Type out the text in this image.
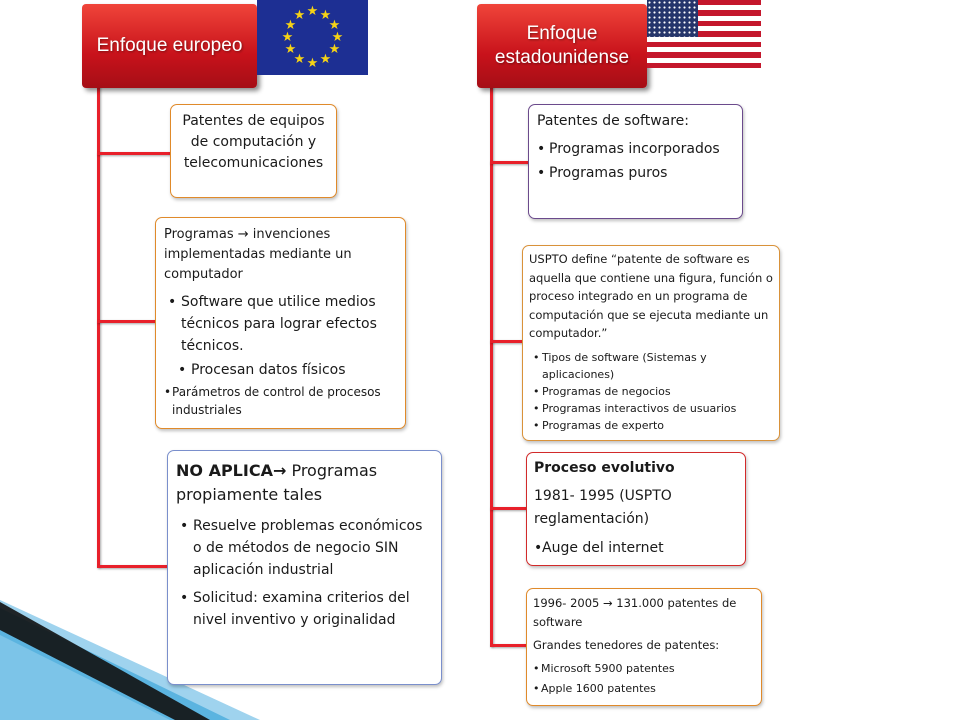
Enfoque europeo
★ ★
★
★
★
★
★
★
★
★
★
★
Patentes de equipos de computación y telecomunicaciones
Programas → invenciones implementadas mediante un computador
• Software que utilice medios técnicos para lograr efectos técnicos.
• Procesan datos físicos
• Parámetros de control de procesos industriales
NO APLICA→ Programas propiamente tales
• Resuelve problemas económicos o de métodos de negocio SIN aplicación industrial
• Solicitud: examina criterios del nivel inventivo y originalidad
Enfoque estadounidense
Patentes de software:
• Programas incorporados
• Programas puros
USPTO define “patente de software es aquella que contiene una figura, función o proceso integrado en un programa de computación que se ejecuta mediante un computador.”
• Tipos de software (Sistemas y aplicaciones)
• Programas de negocios
• Programas interactivos de usuarios
• Programas de experto
Proceso evolutivo
1981- 1995 (USPTO reglamentación)
• Auge del internet
1996- 2005 → 131.000 patentes de software
Grandes tenedores de patentes:
• Microsoft 5900 patentes
• Apple 1600 patentes
